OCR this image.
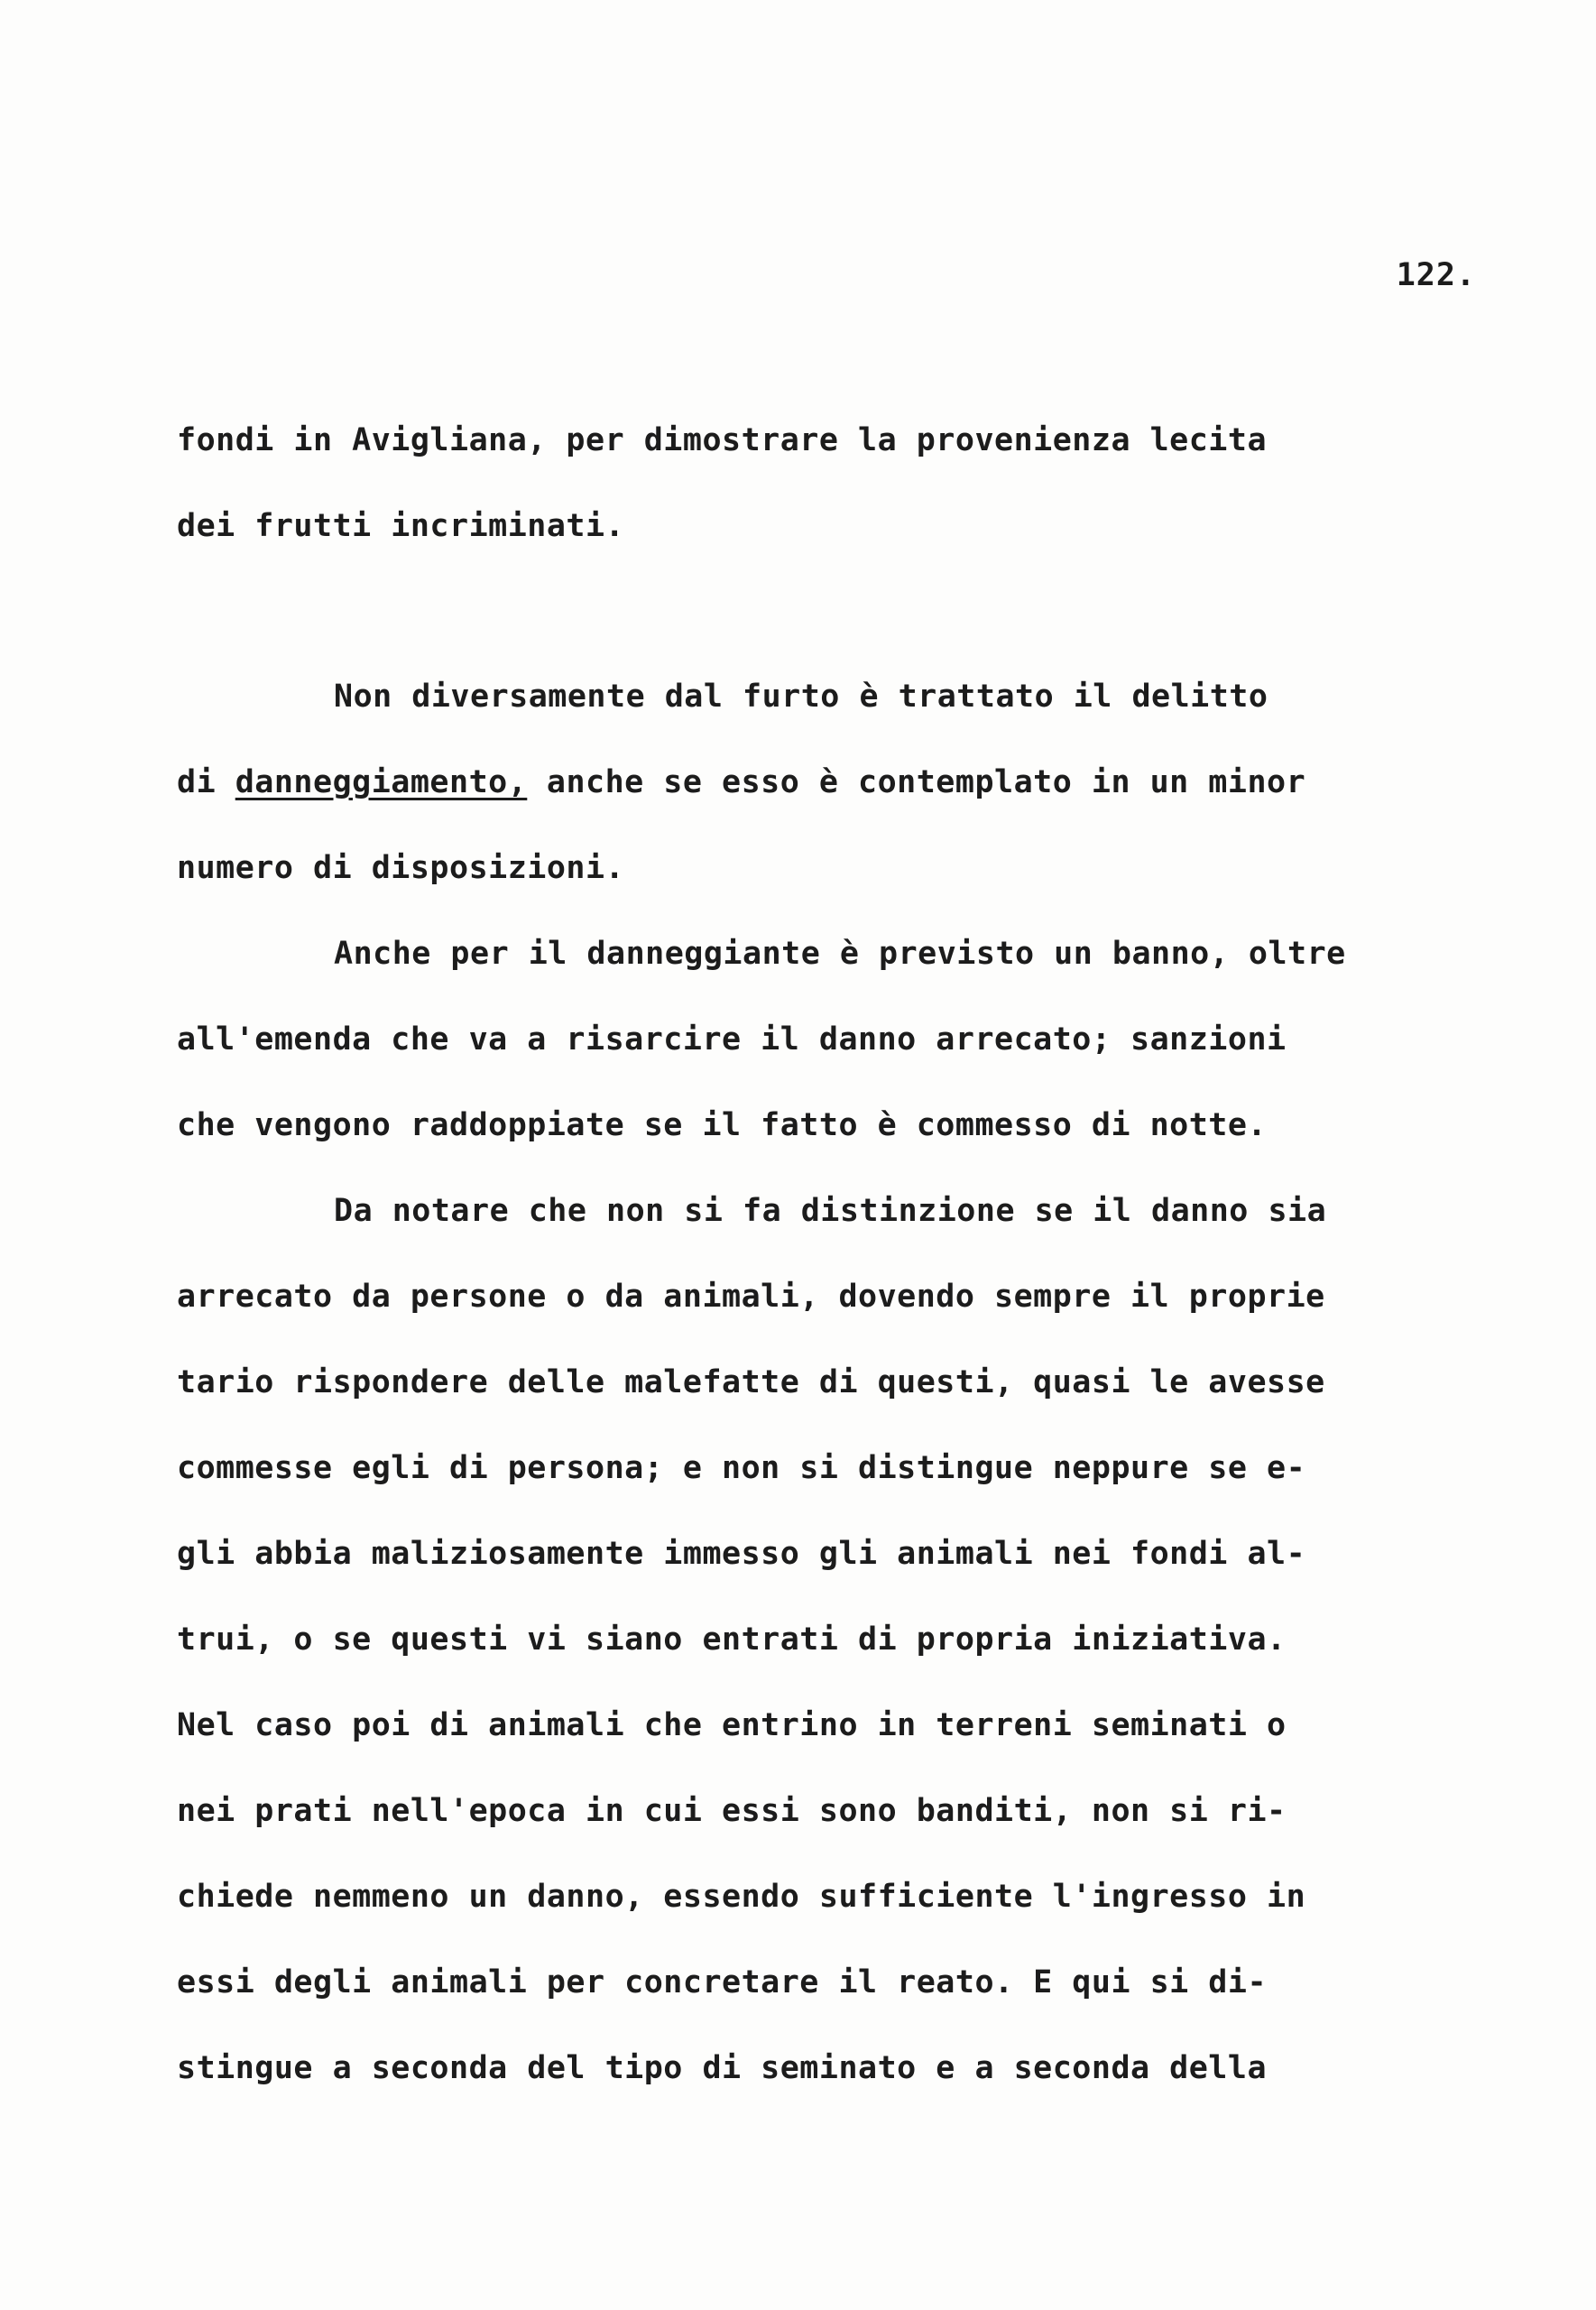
122.
fondi in Avigliana, per dimostrare la provenienza lecita
dei frutti incriminati.
Non diversamente dal furto è trattato il delitto
di danneggiamento, anche se esso è contemplato in un minor
numero di disposizioni.
Anche per il danneggiante è previsto un banno, oltre
all'emenda che va a risarcire il danno arrecato; sanzioni
che vengono raddoppiate se il fatto è commesso di notte.
Da notare che non si fa distinzione se il danno sia
arrecato da persone o da animali, dovendo sempre il proprie
tario rispondere delle malefatte di questi, quasi le avesse
commesse egli di persona; e non si distingue neppure se e-
gli abbia maliziosamente immesso gli animali nei fondi al-
trui, o se questi vi siano entrati di propria iniziativa.
Nel caso poi di animali che entrino in terreni seminati o
nei prati nell'epoca in cui essi sono banditi, non si ri-
chiede nemmeno un danno, essendo sufficiente l'ingresso in
essi degli animali per concretare il reato. E qui si di-
stingue a seconda del tipo di seminato e a seconda della
